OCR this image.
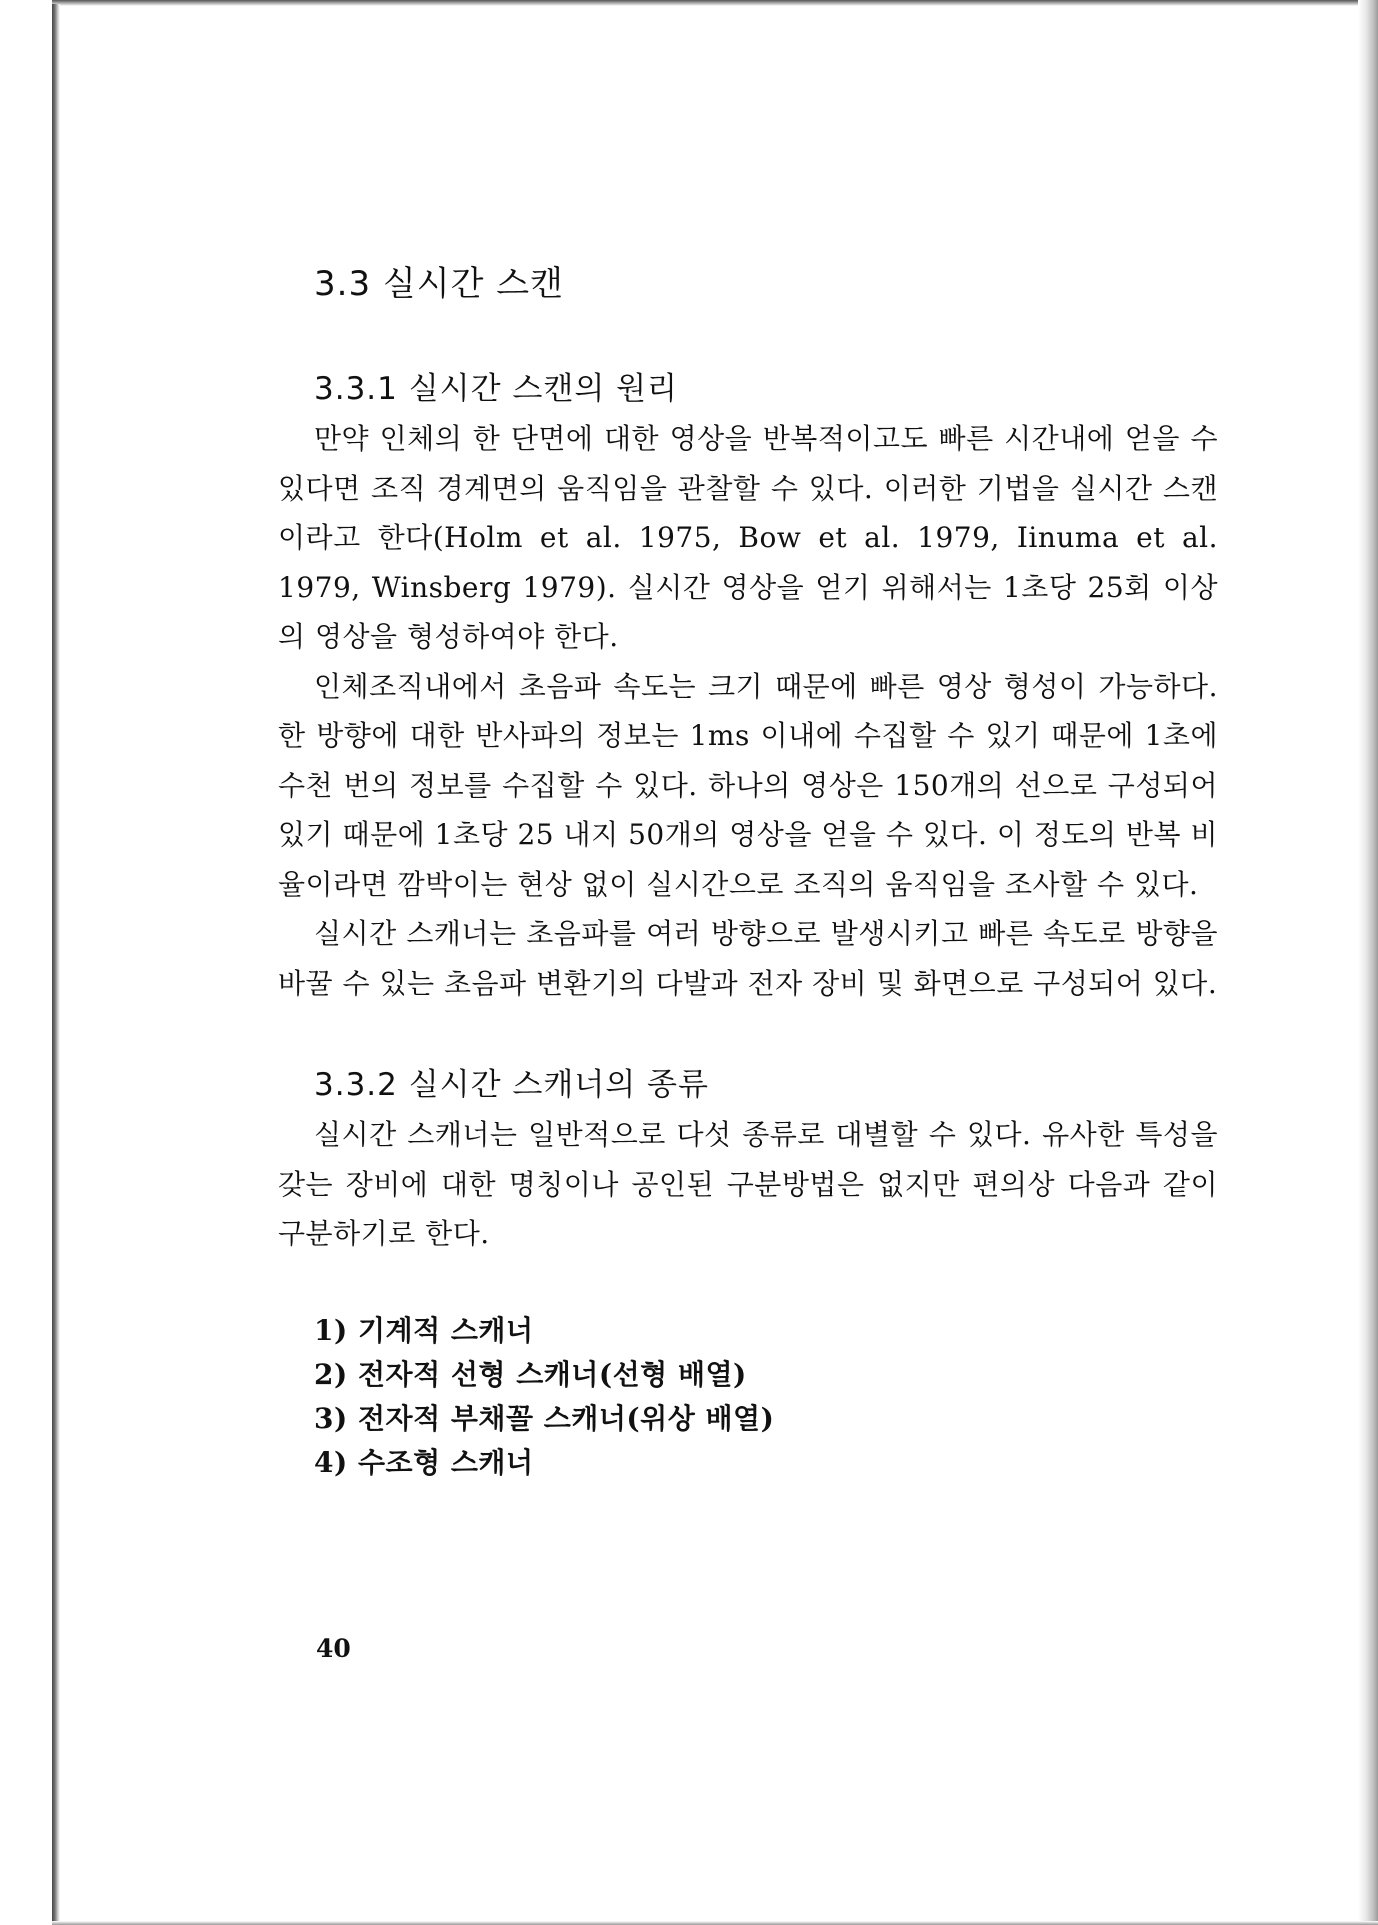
3.3 실시간 스캔
3.3.1 실시간 스캔의 원리

만약 인체의 한 단면에 대한 영상을 반복적이고도 빠른 시간내에 얻을 수 있다면 조직 경계면의 움직임을 관찰할 수 있다. 이러한 기법을 실시간 스캔이라고 한다(Holm et al. 1975, Bow et al. 1979, Iinuma et al. 1979, Winsberg 1979). 실시간 영상을 얻기 위해서는 1초당 25회 이상의 영상을 형성하여야 한다.

인체조직내에서 초음파 속도는 크기 때문에 빠른 영상 형성이 가능하다. 한 방향에 대한 반사파의 정보는 1ms 이내에 수집할 수 있기 때문에 1초에 수천 번의 정보를 수집할 수 있다. 하나의 영상은 150개의 선으로 구성되어 있기 때문에 1초당 25 내지 50개의 영상을 얻을 수 있다. 이 정도의 반복 비율이라면 깜박이는 현상 없이 실시간으로 조직의 움직임을 조사할 수 있다.

실시간 스캐너는 초음파를 여러 방향으로 발생시키고 빠른 속도로 방향을 바꿀 수 있는 초음파 변환기의 다발과 전자 장비 및 화면으로 구성되어 있다.

3.3.2 실시간 스캐너의 종류

실시간 스캐너는 일반적으로 다섯 종류로 대별할 수 있다. 유사한 특성을 갖는 장비에 대한 명칭이나 공인된 구분방법은 없지만 편의상 다음과 같이 구분하기로 한다.

1) 기계적 스캐너
2) 전자적 선형 스캐너(선형 배열)
3) 전자적 부채꼴 스캐너(위상 배열)
4) 수조형 스캐너
40
